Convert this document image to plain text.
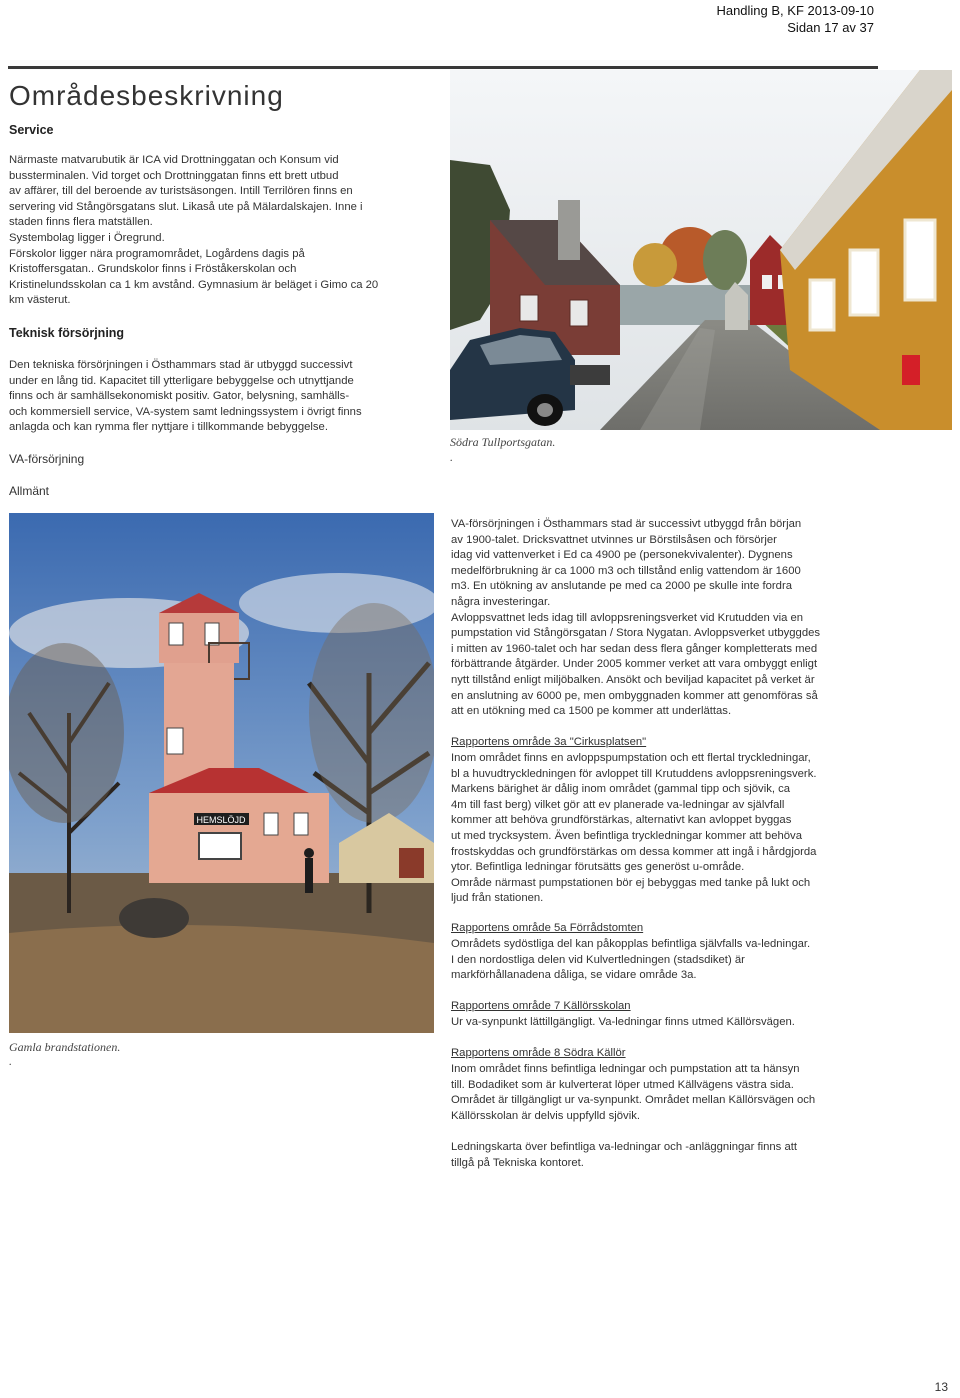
Handling B, KF 2013-09-10
Sidan 17 av 37
Områdesbeskrivning
Service
Närmaste matvarubutik är ICA vid Drottninggatan och Konsum vid
bussterminalen. Vid torget och Drottninggatan finns ett brett utbud
av affärer, till del beroende av turistsäsongen. Intill Terrilören finns en
servering vid Stångörsgatans slut. Likaså ute på Mälardalskajen. Inne i
staden finns flera matställen.
Systembolag ligger i Öregrund.
Förskolor ligger nära programområdet, Logårdens dagis på
Kristoffersgatan.. Grundskolor finns i Fröståkerskolan och
Kristinelundsskolan ca 1 km avstånd. Gymnasium är beläget i Gimo ca 20
km västerut.
Teknisk försörjning
Den tekniska försörjningen i Östhammars stad är utbyggd successivt
under en lång tid. Kapacitet till ytterligare bebyggelse och utnyttjande
finns och är samhällsekonomiskt positiv. Gator, belysning, samhälls-
och kommersiell service, VA-system samt ledningssystem i övrigt finns
anlagda och kan rymma fler nyttjare i tillkommande bebyggelse.
VA-försörjning
Allmänt
Södra Tullportsgatan.
.
HEMSLÖJD
Gamla brandstationen.
.
VA-försörjningen i Östhammars stad är successivt utbyggd från början
av 1900-talet. Dricksvattnet utvinnes ur Börstilsåsen och försörjer
idag vid vattenverket i Ed ca 4900 pe (personekvivalenter). Dygnens
medelförbrukning är ca 1000 m3 och tillstånd enlig vattendom är 1600
m3. En utökning av anslutande pe med ca 2000 pe skulle inte fordra
några investeringar.
Avloppsvattnet leds idag till avloppsreningsverket vid Krutudden via en
pumpstation vid Stångörsgatan / Stora Nygatan. Avloppsverket utbyggdes
i mitten av 1960-talet och har sedan dess flera gånger kompletterats med
förbättrande åtgärder. Under 2005 kommer verket att vara ombyggt enligt
nytt tillstånd enligt miljöbalken. Ansökt och beviljad kapacitet på verket är
en anslutning av 6000 pe, men ombyggnaden kommer att genomföras så
att en utökning med ca 1500 pe kommer att underlättas.
Rapportens område 3a "Cirkusplatsen"
Inom området finns en avloppspumpstation och ett flertal tryckledningar,
bl a huvudtryckledningen för avloppet till Krutuddens avloppsreningsverk.
Markens bärighet är dålig inom området (gammal tipp och sjövik, ca
4m till fast berg) vilket gör att ev planerade va-ledningar av självfall
kommer att behöva grundförstärkas, alternativt kan avloppet byggas
ut med trycksystem. Även befintliga tryckledningar kommer att behöva
frostskyddas och grundförstärkas om dessa kommer att ingå i hårdgjorda
ytor. Befintliga ledningar förutsätts ges generöst u-område.
Område närmast pumpstationen bör ej bebyggas med tanke på lukt och
ljud från stationen.
Rapportens område 5a Förrådstomten
Områdets sydöstliga del kan påkopplas befintliga självfalls va-ledningar.
I den nordostliga delen vid Kulvertledningen (stadsdiket) är
markförhållanadena dåliga, se vidare område 3a.
Rapportens område 7 Källörsskolan
Ur va-synpunkt lättillgängligt. Va-ledningar finns utmed Källörsvägen.
Rapportens område 8 Södra Källör
Inom området finns befintliga ledningar och pumpstation att ta hänsyn
till. Bodadiket som är kulverterat löper utmed Källvägens västra sida.
Området är tillgängligt ur va-synpunkt. Området mellan Källörsvägen och
Källörsskolan är delvis uppfylld sjövik.
Ledningskarta över befintliga va-ledningar och -anläggningar finns att
tillgå på Tekniska kontoret.
13
